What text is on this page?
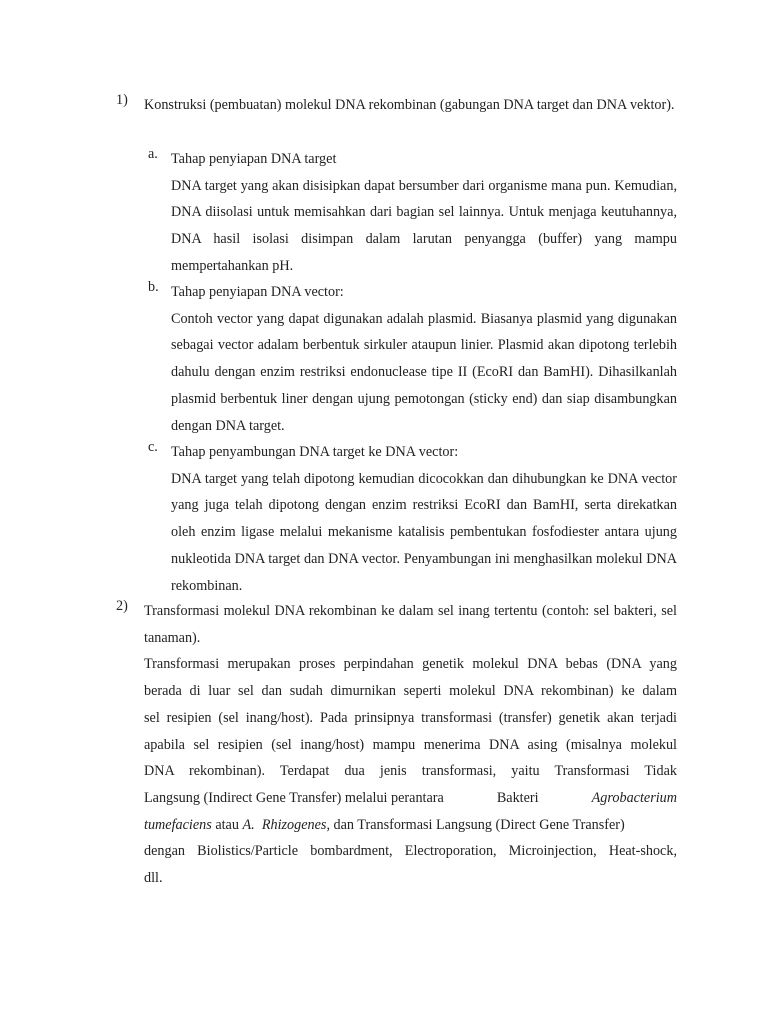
1) Konstruksi (pembuatan) molekul DNA rekombinan (gabungan DNA target dan DNA vektor).
a. Tahap penyiapan DNA target
DNA target yang akan disisipkan dapat bersumber dari organisme mana pun. Kemudian, DNA diisolasi untuk memisahkan dari bagian sel lainnya. Untuk menjaga keutuhannya, DNA hasil isolasi disimpan dalam larutan penyangga (buffer) yang mampu mempertahankan pH.
b. Tahap penyiapan DNA vector:
Contoh vector yang dapat digunakan adalah plasmid. Biasanya plasmid yang digunakan sebagai vector adalam berbentuk sirkuler ataupun linier. Plasmid akan dipotong terlebih dahulu dengan enzim restriksi endonuclease tipe II (EcoRI dan BamHI). Dihasilkanlah plasmid berbentuk liner dengan ujung pemotongan (sticky end) dan siap disambungkan dengan DNA target.
c. Tahap penyambungan DNA target ke DNA vector:
DNA target yang telah dipotong kemudian dicocokkan dan dihubungkan ke DNA vector yang juga telah dipotong dengan enzim restriksi EcoRI dan BamHI, serta direkatkan oleh enzim ligase melalui mekanisme katalisis pembentukan fosfodiester antara ujung nukleotida DNA target dan DNA vector. Penyambungan ini menghasilkan molekul DNA rekombinan.
2) Transformasi molekul DNA rekombinan ke dalam sel inang tertentu (contoh: sel bakteri, sel tanaman).
Transformasi merupakan proses perpindahan genetik molekul DNA bebas (DNA yang
berada di luar sel dan sudah dimurnikan seperti molekul DNA rekombinan) ke dalam
sel resipien (sel inang/host). Pada prinsipnya transformasi (transfer) genetik akan terjadi
apabila sel resipien (sel inang/host) mampu menerima DNA asing (misalnya molekul
DNA rekombinan). Terdapat dua jenis transformasi, yaitu Transformasi Tidak
Langsung (Indirect Gene Transfer) melalui perantara	Bakteri	Agrobacterium
tumefaciens atau A. Rhizogenes, dan Transformasi Langsung (Direct Gene Transfer)
dengan Biolistics/Particle bombardment, Electroporation, Microinjection, Heat-shock,
dll.
